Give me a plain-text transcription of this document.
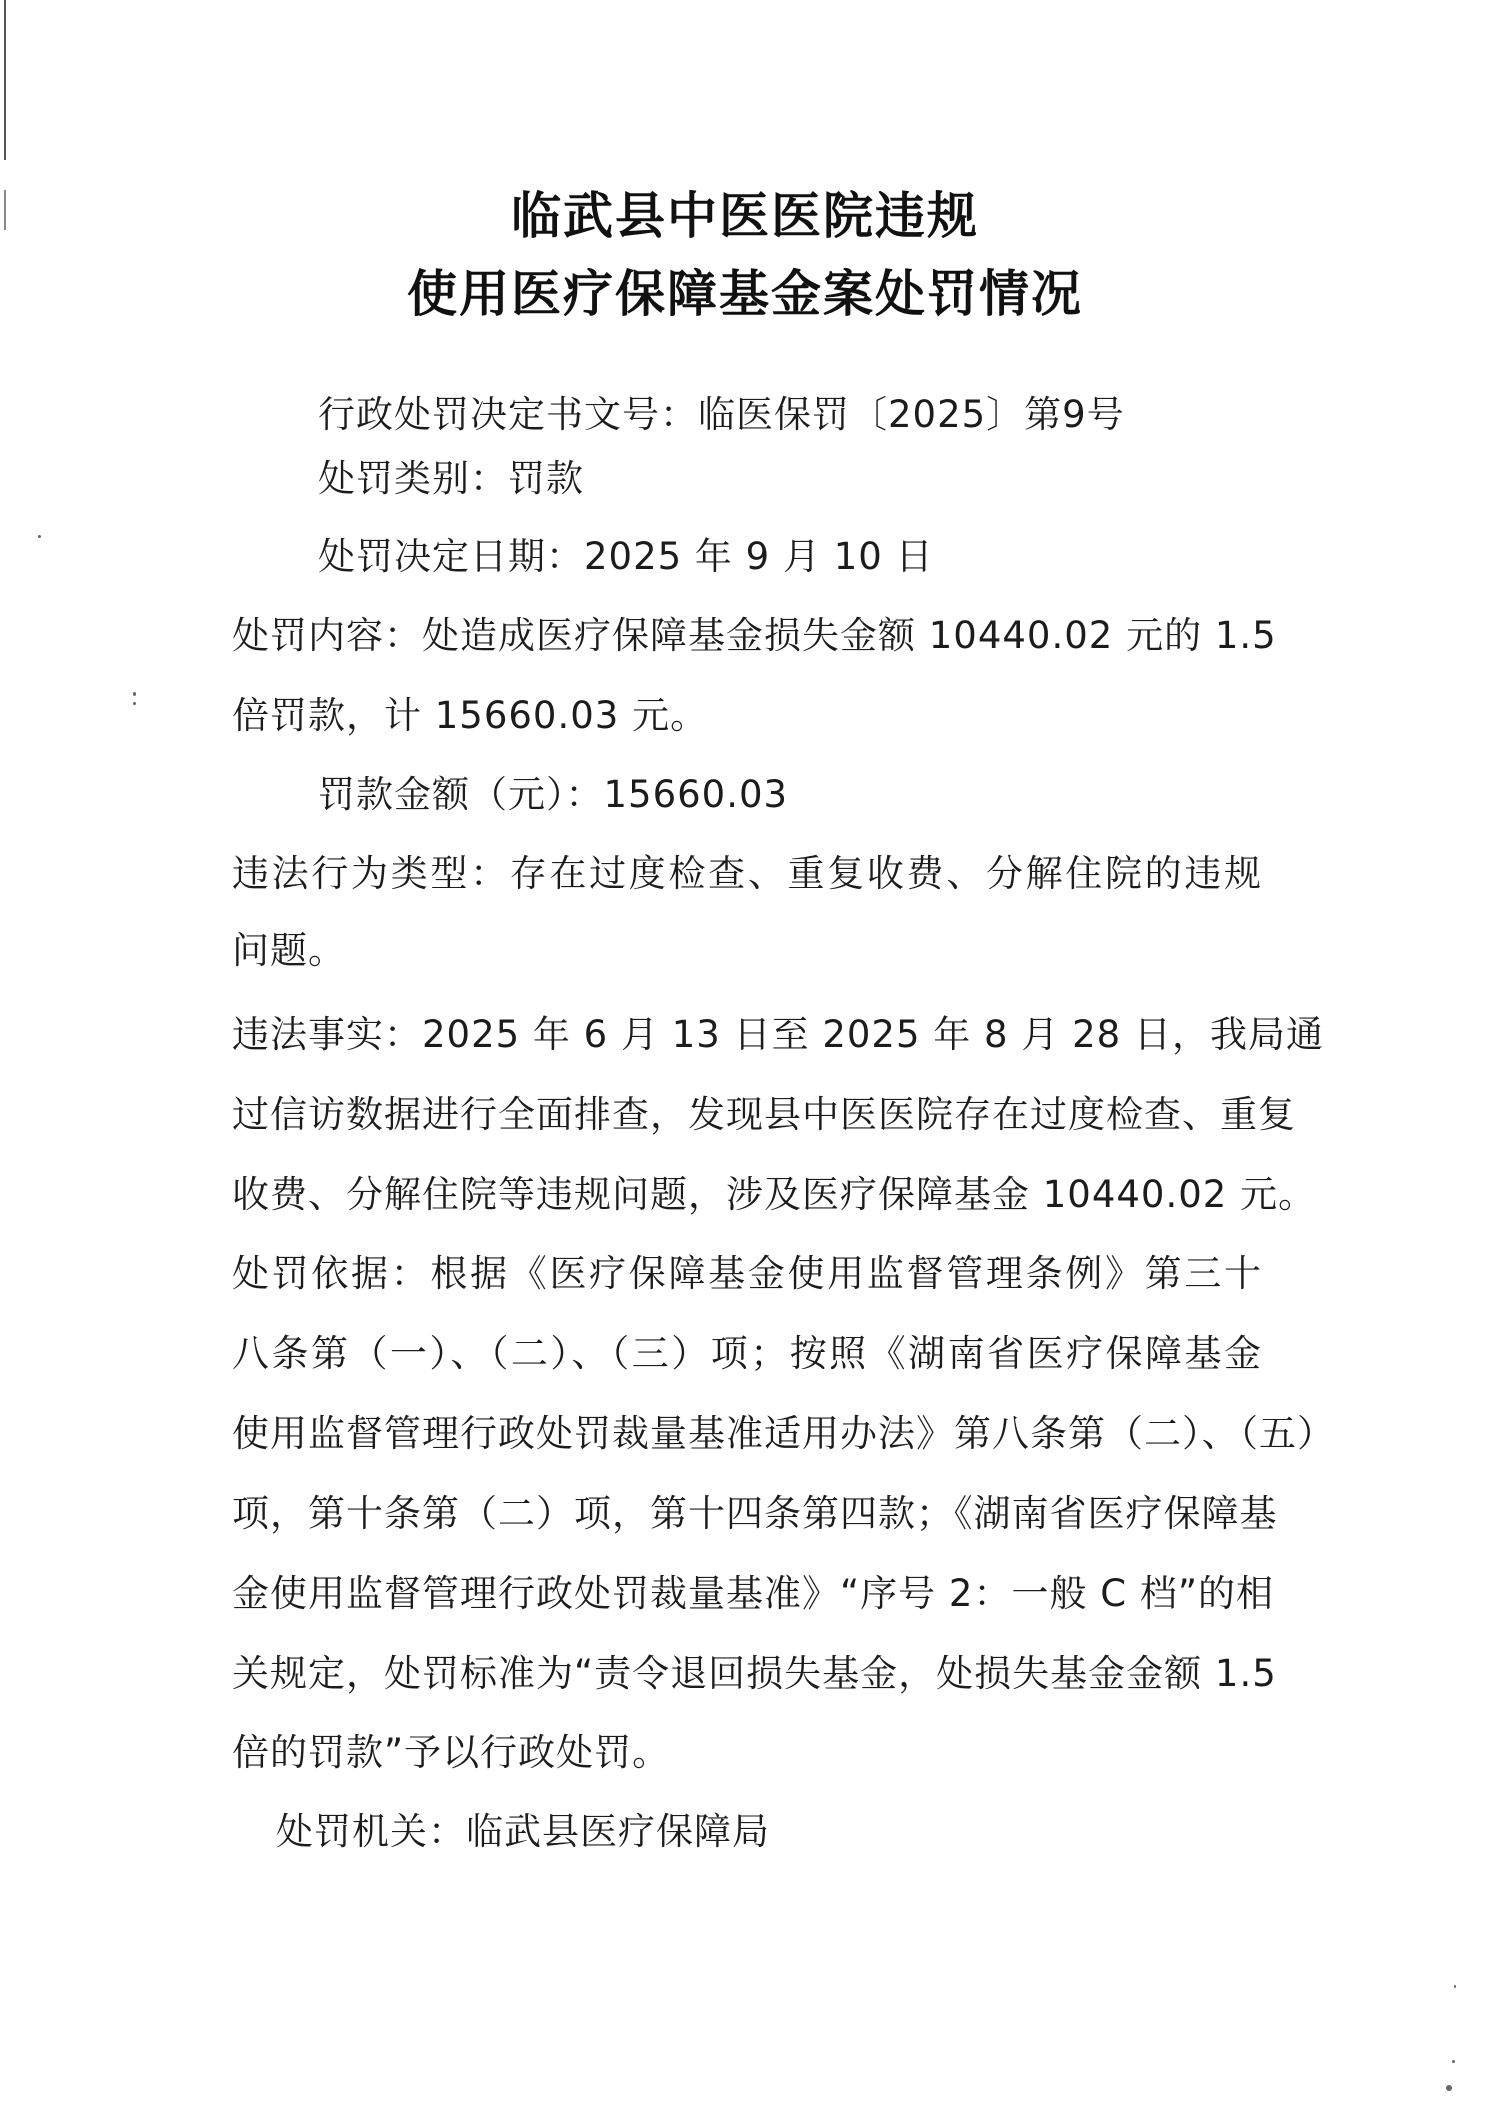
临武县中医医院违规
使用医疗保障基金案处罚情况
行政处罚决定书文号：临医保罚〔2025〕第9号
处罚类别：罚款
处罚决定日期：2025 年 9 月 10 日
处罚内容：处造成医疗保障基金损失金额 10440.02 元的 1.5
倍罚款，计 15660.03 元。
罚款金额（元）：15660.03
违法行为类型：存在过度检查、重复收费、分解住院的违规
问题。
违法事实：2025 年 6 月 13 日至 2025 年 8 月 28 日，我局通
过信访数据进行全面排查，发现县中医医院存在过度检查、重复
收费、分解住院等违规问题，涉及医疗保障基金 10440.02 元。
处罚依据：根据《医疗保障基金使用监督管理条例》第三十
八条第（一）、（二）、（三）项；按照《湖南省医疗保障基金
使用监督管理行政处罚裁量基准适用办法》第八条第（二）、（五）
项，第十条第（二）项，第十四条第四款；《湖南省医疗保障基
金使用监督管理行政处罚裁量基准》“序号 2：一般 C 档”的相
关规定，处罚标准为“责令退回损失基金，处损失基金金额 1.5
倍的罚款”予以行政处罚。
处罚机关：临武县医疗保障局
